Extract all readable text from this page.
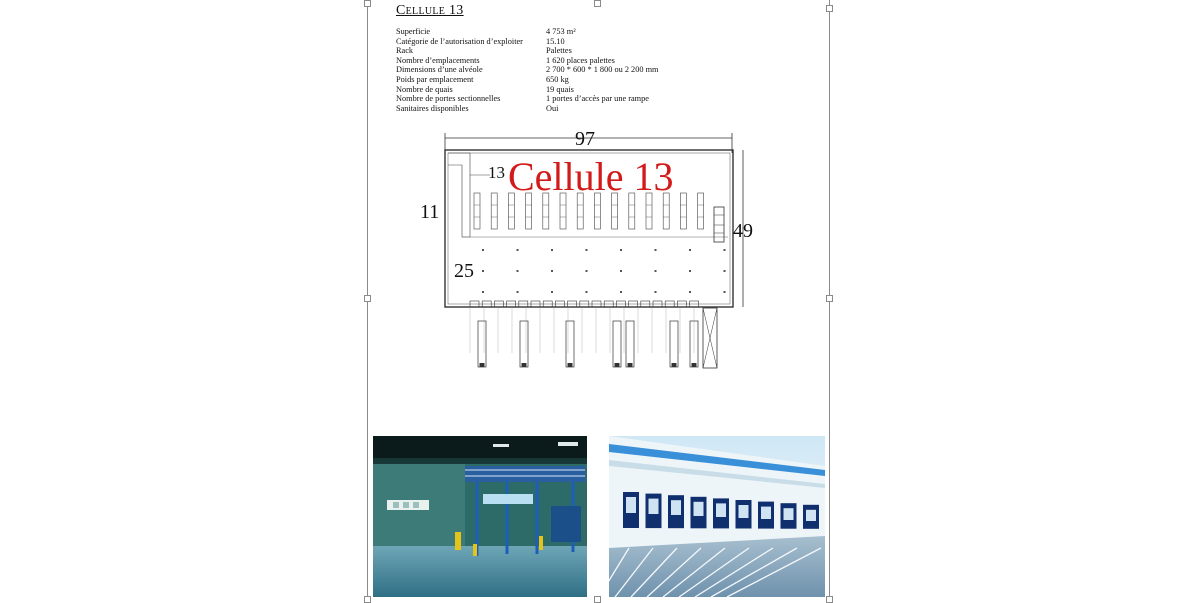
Cellule 13
Superficie	4 753 m²
Catégorie de l’autorisation d’exploiter	15.10
Rack	Palettes
Nombre d’emplacements	1 620 places palettes
Dimensions d’une alvéole	2 700 * 600 * 1 800 ou 2 200 mm
Poids par emplacement	650 kg
Nombre de quais	19 quais
Nombre de portes sectionnelles	1 portes d’accès par une rampe
Sanitaires disponibles	Oui
97
49
11
25
13 Cellule 13
